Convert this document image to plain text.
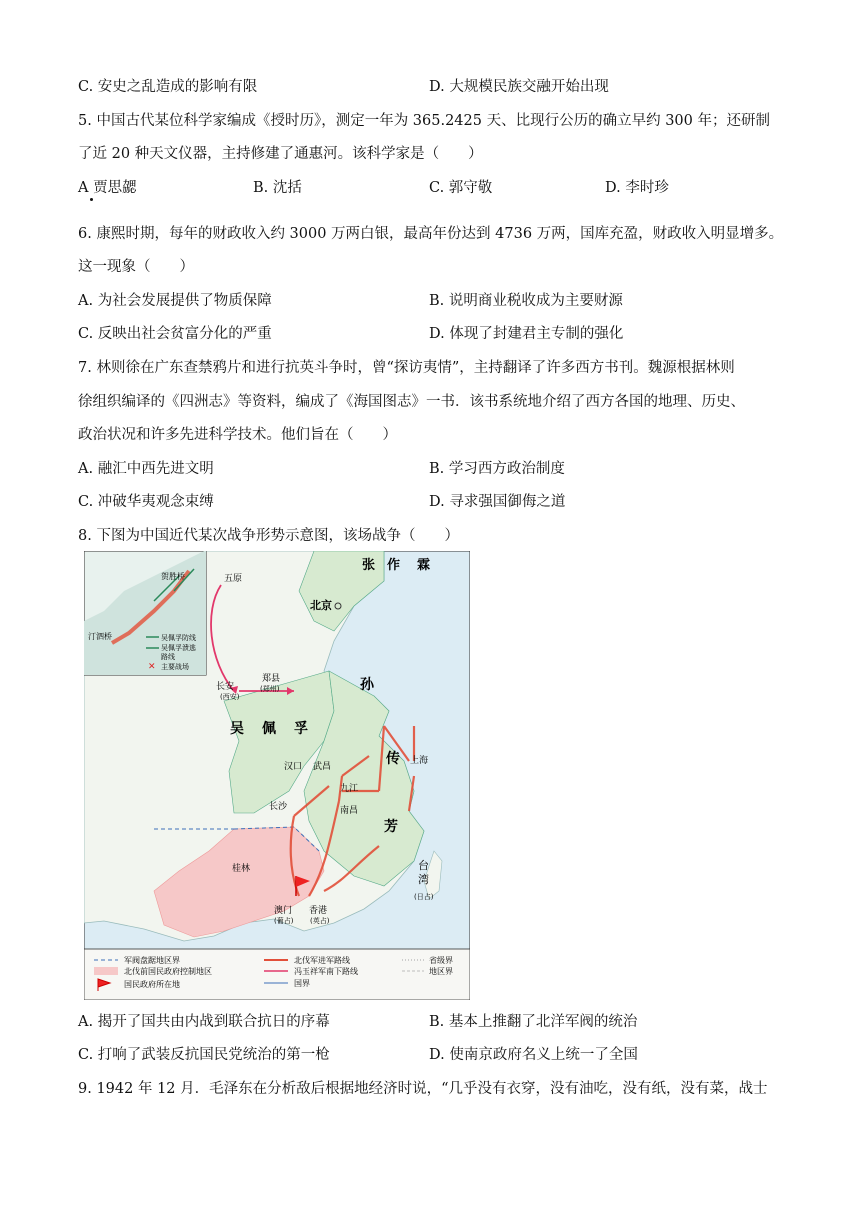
C. 安史之乱造成的影响有限	D. 大规模民族交融开始出现
5. 中国古代某位科学家编成《授时历》，测定一年为 365.2425 天、比现行公历的确立早约 300 年；还研制
了近 20 种天文仪器，主持修建了通惠河。该科学家是（　　）
A 贾思勰	B. 沈括	C. 郭守敬	D. 李时珍
6. 康熙时期，每年的财政收入约 3000 万两白银，最高年份达到 4736 万两，国库充盈，财政收入明显增多。
这一现象（　　）
A. 为社会发展提供了物质保障	B. 说明商业税收成为主要财源
C. 反映出社会贫富分化的严重	D. 体现了封建君主专制的强化
7. 林则徐在广东查禁鸦片和进行抗英斗争时，曾“探访夷情”，主持翻译了许多西方书刊。魏源根据林则
徐组织编译的《四洲志》等资料，编成了《海国图志》一书．该书系统地介绍了西方各国的地理、历史、
政治状况和许多先进科学技术。他们旨在（　　）
A. 融汇中西先进文明	B. 学习西方政治制度
C. 冲破华夷观念束缚	D. 寻求强国御侮之道
8. 下图为中国近代某次战争形势示意图，该场战争（　　）
贺胜桥
汀泗桥	吴佩孚防线
吴佩孚溃逃
路线
✕ 主要战场
张 作 霖
吴 佩 孚
孙
传
芳
北京
五原
长安
(西安)
郑县
(郑州)
汉口 武昌
九江
南昌
长沙
上海
桂林
澳门
(葡占)
香港
(英占)
台
湾
(日占)
军阀盘踞地区界
北伐前国民政府控制地区
国民政府所在地
北伐军进军路线
冯玉祥军南下路线
国界
省级界
地区界
A. 揭开了国共由内战到联合抗日的序幕	B. 基本上推翻了北洋军阀的统治
C. 打响了武装反抗国民党统治的第一枪	D. 使南京政府名义上统一了全国
9. 1942 年 12 月．毛泽东在分析敌后根据地经济时说，“几乎没有衣穿，没有油吃，没有纸，没有菜，战士
